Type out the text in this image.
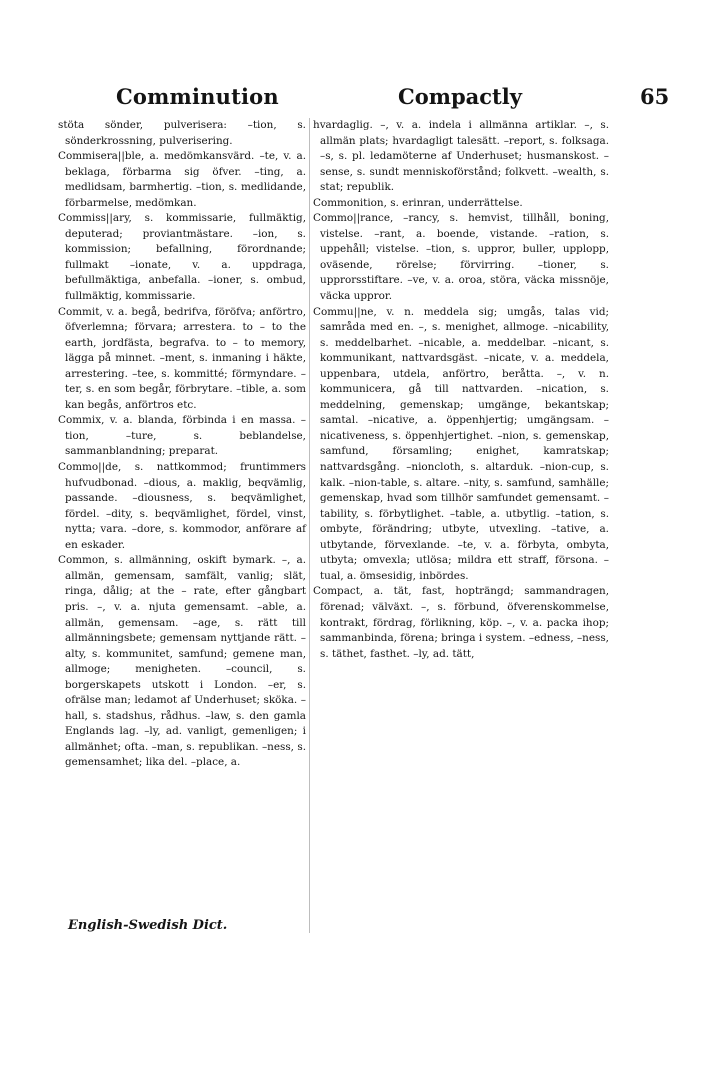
Comminution	Compactly	65

stöta sönder, pulverisera: –tion, s. sönderkrossning, pulverisering.

Commisera||ble, a. medömkansvärd. –te, v. a. beklaga, förbarma sig öfver. –ting, a. medlidsam, barmhertig. –tion, s. medlidande, förbarmelse, medömkan.

Commiss||ary, s. kommissarie, fullmäktig, deputerad; proviantmästare. –ion, s. kommission; befallning, förordnande; fullmakt –ionate, v. a. uppdraga, befullmäktiga, anbefalla. –ioner, s. ombud, fullmäktig, kommissarie.

Commit, v. a. begå, bedrifva, föröfva; anförtro, öfverlemna; förvara; arrestera. to – to the earth, jordfästa, begrafva. to – to memory, lägga på minnet. –ment, s. inmaning i häkte, arrestering. –tee, s. kommitté; förmyndare. –ter, s. en som begår, förbrytare. –tible, a. som kan begås, anförtros etc.

Commix, v. a. blanda, förbinda i en massa. –tion, –ture, s. beblandelse, sammanblandning; preparat.

Commo||de, s. nattkommod; fruntimmers hufvudbonad. –dious, a. maklig, beqvämlig, passande. –diousness, s. beqvämlighet, fördel. –dity, s. beqvämlighet, fördel, vinst, nytta; vara. –dore, s. kommodor, anförare af en eskader.

Common, s. allmänning, oskift bymark. –, a. allmän, gemensam, samfält, vanlig; slät, ringa, dålig; at the – rate, efter gångbart pris. –, v. a. njuta gemensamt. –able, a. allmän, gemensam. –age, s. rätt till allmänningsbete; gemensam nyttjande rätt. –alty, s. kommunitet, samfund; gemene man, allmoge; menigheten. –council, s. borgerskapets utskott i London. –er, s. ofrälse man; ledamot af Underhuset; sköka. –hall, s. stadshus, rådhus. –law, s. den gamla Englands lag. –ly, ad. vanligt, gemenligen; i allmänhet; ofta. –man, s. republikan. –ness, s. gemensamhet; lika del. –place, a.

hvardaglig. –, v. a. indela i allmänna artiklar. –, s. allmän plats; hvardagligt talesätt. –report, s. folksaga. –s, s. pl. ledamöterne af Underhuset; husmanskost. –sense, s. sundt menniskoförstånd; folkvett. –wealth, s. stat; republik.

Commonition, s. erinran, underrättelse.

Commo||rance, –rancy, s. hemvist, tillhåll, boning, vistelse. –rant, a. boende, vistande. –ration, s. uppehåll; vistelse. –tion, s. uppror, buller, upplopp, oväsende, rörelse; förvirring. –tioner, s. upprorsstiftare. –ve, v. a. oroa, störa, väcka missnöje, väcka uppror.

Commu||ne, v. n. meddela sig; umgås, talas vid; samråda med en. –, s. menighet, allmoge. –nicability, s. meddelbarhet. –nicable, a. meddelbar. –nicant, s. kommunikant, nattvardsgäst. –nicate, v. a. meddela, uppenbara, utdela, anförtro, beråtta. –, v. n. kommunicera, gå till nattvarden. –nication, s. meddelning, gemenskap; umgänge, bekantskap; samtal. –nicative, a. öppenhjertig; umgängsam. –nicativeness, s. öppenhjertighet. –nion, s. gemenskap, samfund, församling; enighet, kamratskap; nattvardsgång. –nioncloth, s. altarduk. –nion-cup, s. kalk. –nion-table, s. altare. –nity, s. samfund, samhälle; gemenskap, hvad som tillhör samfundet gemensamt. –tability, s. förbytlighet. –table, a. utbytlig. –tation, s. ombyte, förändring; utbyte, utvexling. –tative, a. utbytande, förvexlande. –te, v. a. förbyta, ombyta, utbyta; omvexla; utlösa; mildra ett straff, försona. –tual, a. ömsesidig, inbördes.

Compact, a. tät, fast, hopträngd; sammandragen, förenad; välväxt. –, s. förbund, öfverenskommelse, kontrakt, fördrag, förlikning, köp. –, v. a. packa ihop; sammanbinda, förena; bringa i system. –edness, –ness, s. täthet, fasthet. –ly, ad. tätt,

English-Swedish Dict.
